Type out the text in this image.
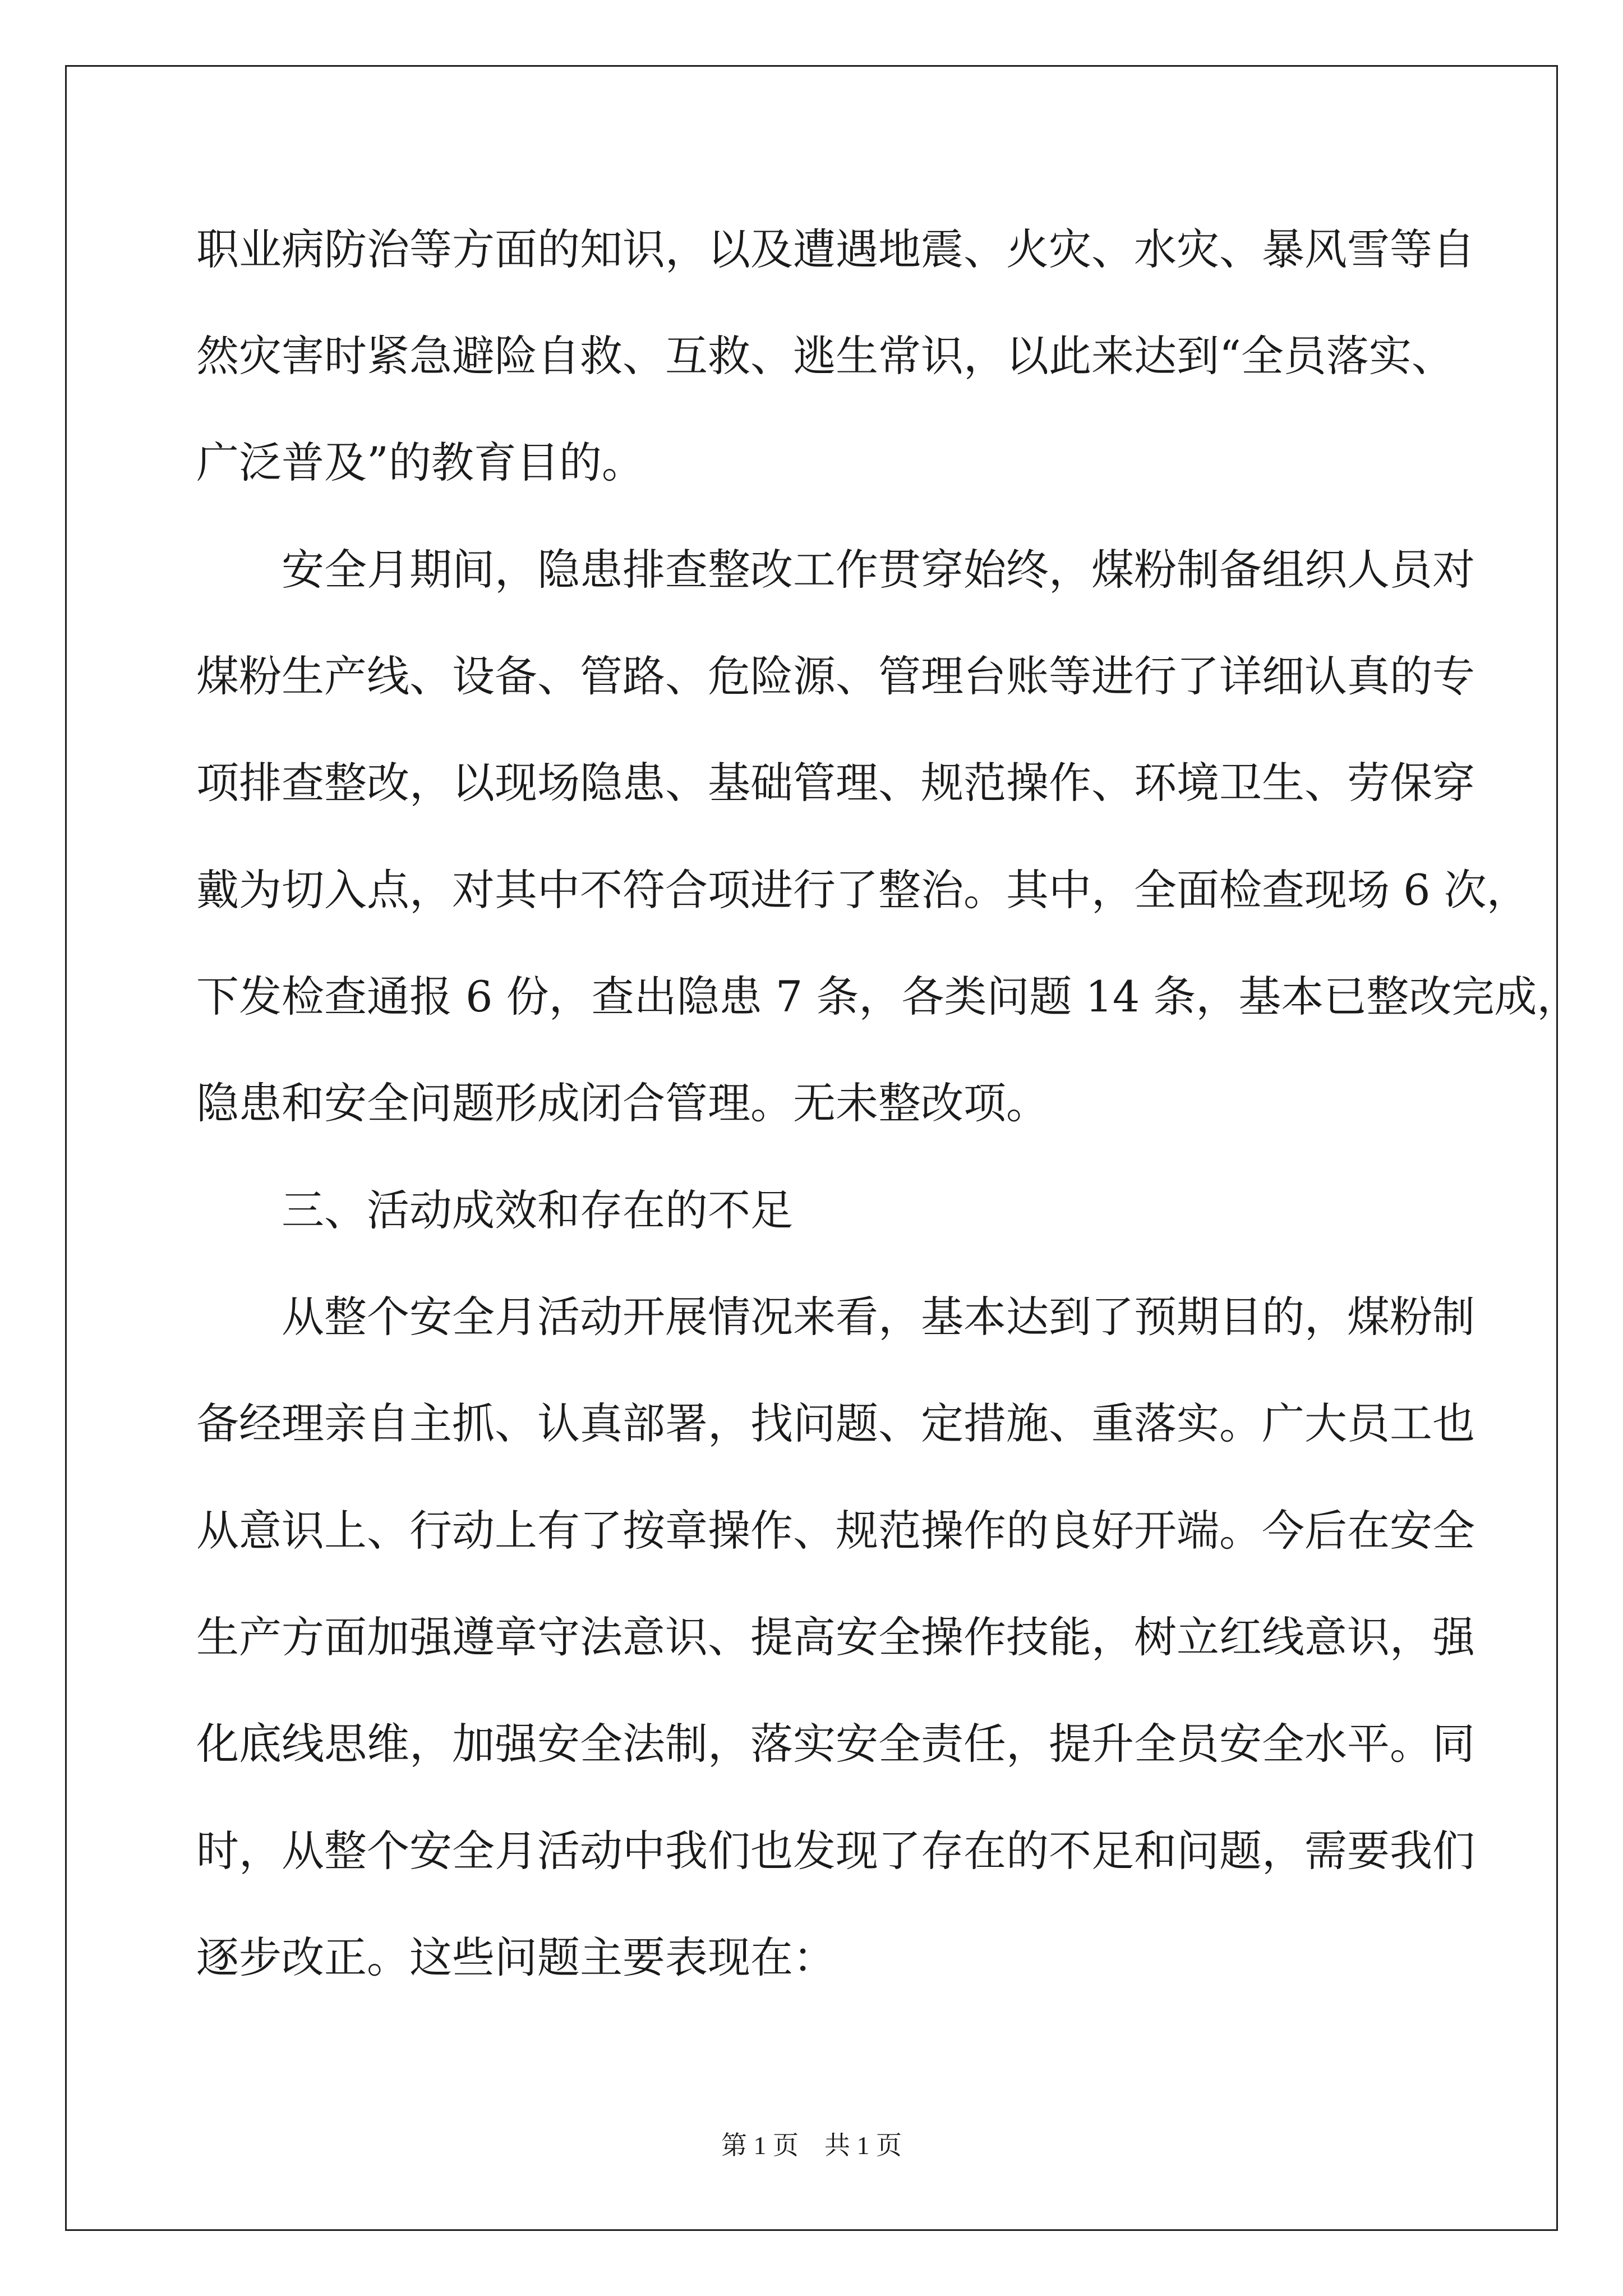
职业病防治等方面的知识，以及遭遇地震、火灾、水灾、暴风雪等自
然灾害时紧急避险自救、互救、逃生常识，以此来达到“全员落实、
广泛普及”的教育目的。
安全月期间，隐患排查整改工作贯穿始终，煤粉制备组织人员对
煤粉生产线、设备、管路、危险源、管理台账等进行了详细认真的专
项排查整改，以现场隐患、基础管理、规范操作、环境卫生、劳保穿
戴为切入点，对其中不符合项进行了整治。其中，全面检查现场 6 次，
下发检查通报 6 份，查出隐患 7 条，各类问题 14 条，基本已整改完成，
隐患和安全问题形成闭合管理。无未整改项。
三、活动成效和存在的不足
从整个安全月活动开展情况来看，基本达到了预期目的，煤粉制
备经理亲自主抓、认真部署，找问题、定措施、重落实。广大员工也
从意识上、行动上有了按章操作、规范操作的良好开端。今后在安全
生产方面加强遵章守法意识、提高安全操作技能，树立红线意识，强
化底线思维，加强安全法制，落实安全责任，提升全员安全水平。同
时，从整个安全月活动中我们也发现了存在的不足和问题，需要我们
逐步改正。这些问题主要表现在：
第 1 页 共 1 页
